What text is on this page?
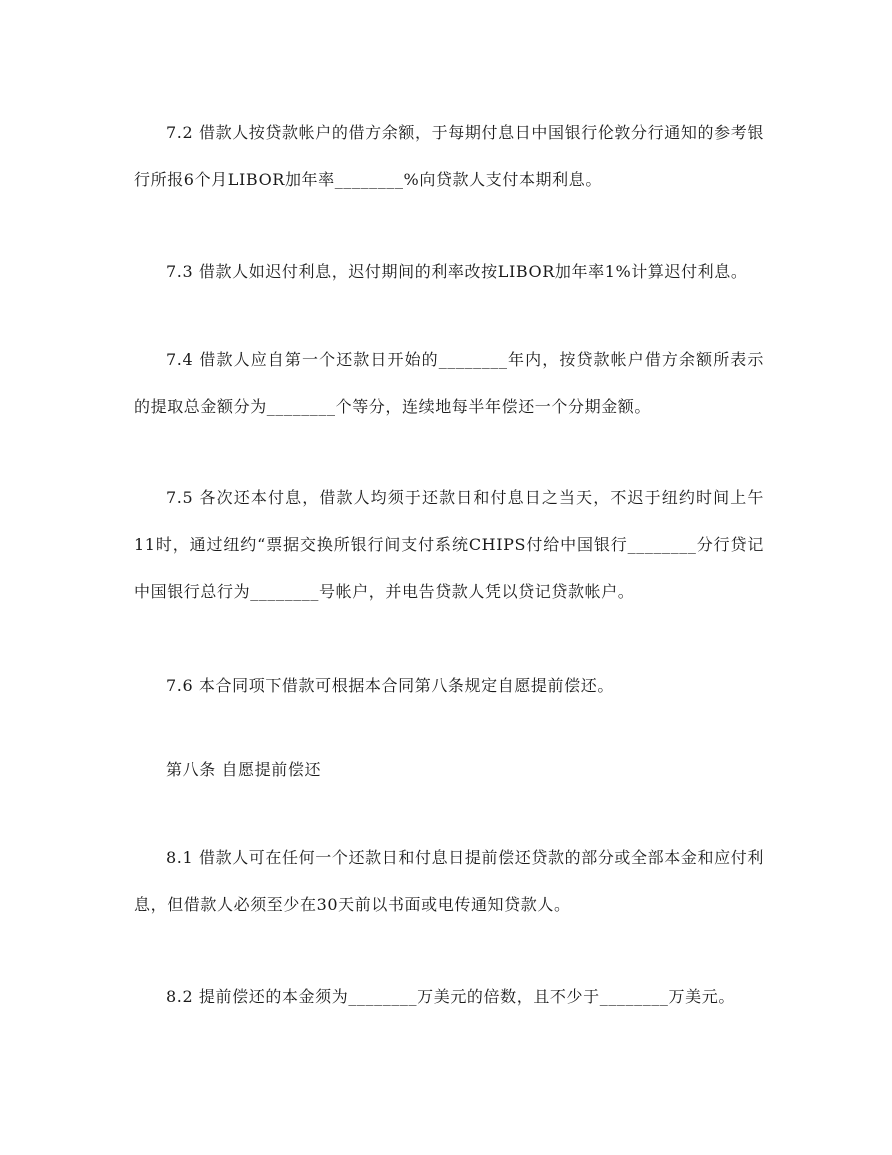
7.2 借款人按贷款帐户的借方余额，于每期付息日中国银行伦敦分行通知的参考银行所报6个月LIBOR加年率________%向贷款人支付本期利息。

7.3 借款人如迟付利息，迟付期间的利率改按LIBOR加年率1%计算迟付利息。

7.4 借款人应自第一个还款日开始的________年内，按贷款帐户借方余额所表示的提取总金额分为________个等分，连续地每半年偿还一个分期金额。

7.5 各次还本付息，借款人均须于还款日和付息日之当天，不迟于纽约时间上午11时，通过纽约“票据交换所银行间支付系统CHIPS付给中国银行________分行贷记中国银行总行为________号帐户，并电告贷款人凭以贷记贷款帐户。

7.6 本合同项下借款可根据本合同第八条规定自愿提前偿还。

第八条 自愿提前偿还

8.1 借款人可在任何一个还款日和付息日提前偿还贷款的部分或全部本金和应付利息，但借款人必须至少在30天前以书面或电传通知贷款人。

8.2 提前偿还的本金须为________万美元的倍数，且不少于________万美元。
